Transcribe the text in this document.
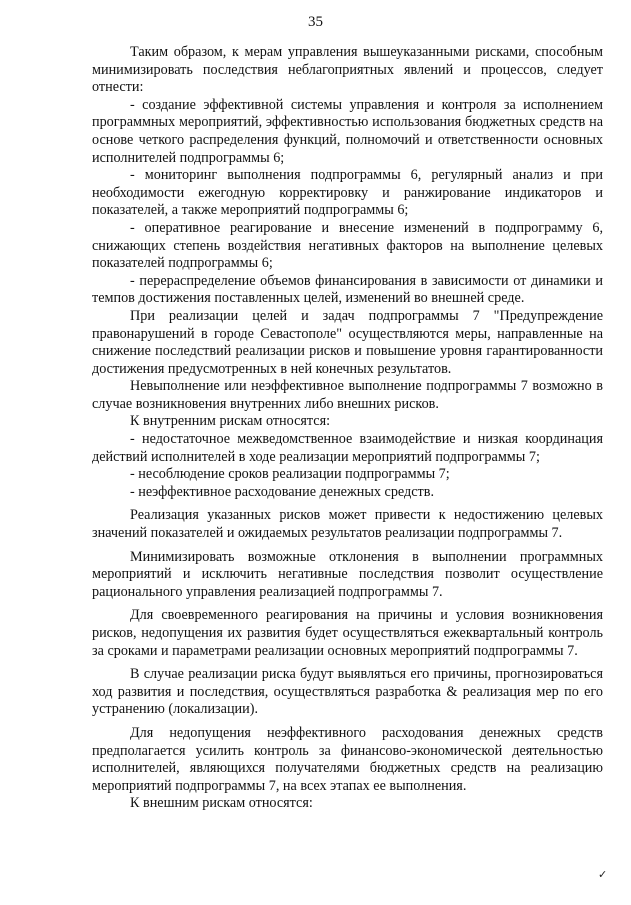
35

Таким образом, к мерам управления вышеуказанными рисками, способным минимизировать последствия неблагоприятных явлений и процессов, следует отнести:

- создание эффективной системы управления и контроля за исполнением программных мероприятий, эффективностью использования бюджетных средств на основе четкого распределения функций, полномочий и ответственности основных исполнителей подпрограммы 6;

- мониторинг выполнения подпрограммы 6, регулярный анализ и при необходимости ежегодную корректировку и ранжирование индикаторов и показателей, а также мероприятий подпрограммы 6;

- оперативное реагирование и внесение изменений в подпрограмму 6, снижающих степень воздействия негативных факторов на выполнение целевых показателей подпрограммы 6;

- перераспределение объемов финансирования в зависимости от динамики и темпов достижения поставленных целей, изменений во внешней среде.

При реализации целей и задач подпрограммы 7 "Предупреждение правонарушений в городе Севастополе" осуществляются меры, направленные на снижение последствий реализации рисков и повышение уровня гарантированности достижения предусмотренных в ней конечных результатов.

Невыполнение или неэффективное выполнение подпрограммы 7 возможно в случае возникновения внутренних либо внешних рисков.

К внутренним рискам относятся:

- недостаточное межведомственное взаимодействие и низкая координация действий исполнителей в ходе реализации мероприятий подпрограммы 7;

- несоблюдение сроков реализации подпрограммы 7;

- неэффективное расходование денежных средств.

Реализация указанных рисков может привести к недостижению целевых значений показателей и ожидаемых результатов реализации подпрограммы 7.

Минимизировать возможные отклонения в выполнении программных мероприятий и исключить негативные последствия позволит осуществление рационального управления реализацией подпрограммы 7.

Для своевременного реагирования на причины и условия возникновения рисков, недопущения их развития будет осуществляться ежеквартальный контроль за сроками и параметрами реализации основных мероприятий подпрограммы 7.

В случае реализации риска будут выявляться его причины, прогнозироваться ход развития и последствия, осуществляться разработка & реализация мер по его устранению (локализации).

Для недопущения неэффективного расходования денежных средств предполагается усилить контроль за финансово-экономической деятельностью исполнителей, являющихся получателями бюджетных средств на реализацию мероприятий подпрограммы 7, на всех этапах ее выполнения.

К внешним рискам относятся:

✓
